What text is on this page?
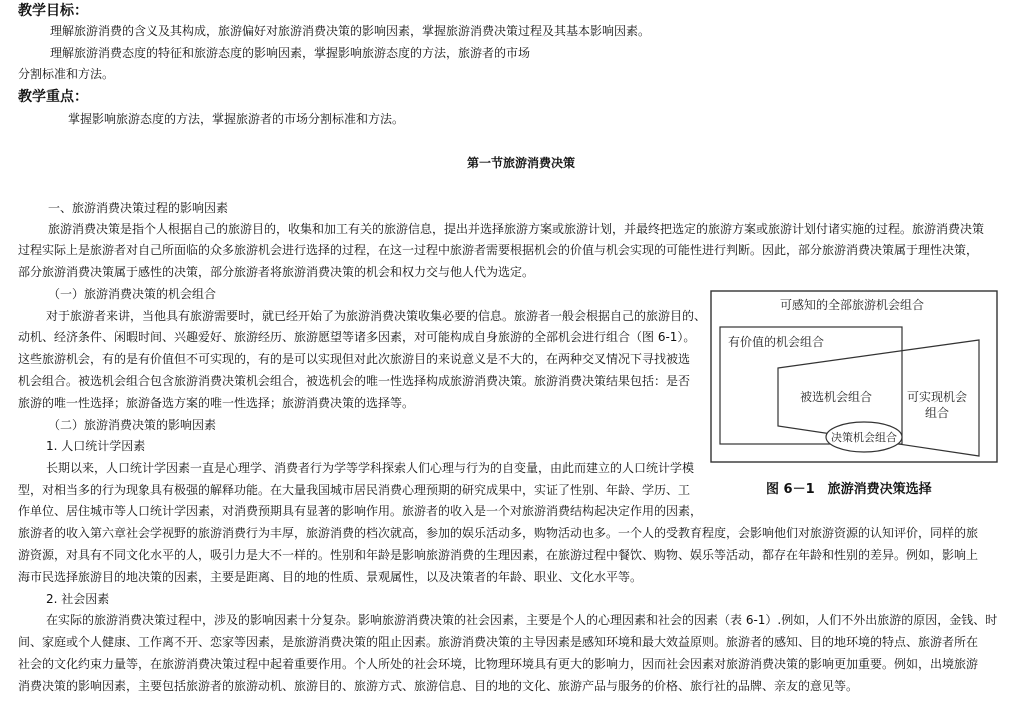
教学目标：
理解旅游消费的含义及其构成，旅游偏好对旅游消费决策的影响因素，掌握旅游消费决策过程及其基本影响因素。
理解旅游消费态度的特征和旅游态度的影响因素，掌握影响旅游态度的方法，旅游者的市场
分割标准和方法。
教学重点：
掌握影响旅游态度的方法，掌握旅游者的市场分割标准和方法。
第一节旅游消费决策
一、旅游消费决策过程的影响因素
旅游消费决策是指个人根据自己的旅游目的，收集和加工有关的旅游信息，提出并选择旅游方案或旅游计划，并最终把选定的旅游方案或旅游计划付诸实施的过程。旅游消费决策
过程实际上是旅游者对自己所面临的众多旅游机会进行选择的过程，在这一过程中旅游者需要根据机会的价值与机会实现的可能性进行判断。因此，部分旅游消费决策属于理性决策，
部分旅游消费决策属于感性的决策，部分旅游者将旅游消费决策的机会和权力交与他人代为选定。
（一）旅游消费决策的机会组合
对于旅游者来讲，当他具有旅游需要时，就已经开始了为旅游消费决策收集必要的信息。旅游者一般会根据自己的旅游目的、
动机、经济条件、闲暇时间、兴趣爱好、旅游经历、旅游愿望等诸多因素，对可能构成自身旅游的全部机会进行组合（图 6-1）。
这些旅游机会，有的是有价值但不可实现的，有的是可以实现但对此次旅游目的来说意义是不大的，在两种交叉情况下寻找被选
机会组合。被选机会组合包含旅游消费决策机会组合，被选机会的唯一性选择构成旅游消费决策。旅游消费决策结果包括：是否
旅游的唯一性选择；旅游备选方案的唯一性选择；旅游消费决策的选择等。
（二）旅游消费决策的影响因素
1. 人口统计学因素
长期以来，人口统计学因素一直是心理学、消费者行为学等学科探索人们心理与行为的自变量，由此而建立的人口统计学模
型，对相当多的行为现象具有极强的解释功能。在大量我国城市居民消费心理预期的研究成果中，实证了性别、年龄、学历、工
作单位、居住城市等人口统计学因素，对消费预期具有显著的影响作用。旅游者的收入是一个对旅游消费结构起决定作用的因素，
旅游者的收入第六章社会学视野的旅游消费行为丰厚，旅游消费的档次就高，参加的娱乐活动多，购物活动也多。一个人的受教育程度，会影响他们对旅游资源的认知评价，同样的旅
游资源，对具有不同文化水平的人，吸引力是大不一样的。性别和年龄是影响旅游消费的生理因素，在旅游过程中餐饮、购物、娱乐等活动，都存在年龄和性别的差异。例如，影响上
海市民选择旅游目的地决策的因素，主要是距离、目的地的性质、景观属性，以及决策者的年龄、职业、文化水平等。
2. 社会因素
在实际的旅游消费决策过程中，涉及的影响因素十分复杂。影响旅游消费决策的社会因素，主要是个人的心理因素和社会的因素（表 6-1）.例如，人们不外出旅游的原因，金钱、时
间、家庭或个人健康、工作离不开、恋家等因素，是旅游消费决策的阻止因素。旅游消费决策的主导因素是感知环境和最大效益原则。旅游者的感知、目的地环境的特点、旅游者所在
社会的文化约束力量等，在旅游消费决策过程中起着重要作用。个人所处的社会环境，比物理环境具有更大的影响力，因而社会因素对旅游消费决策的影响更加重要。例如，出境旅游
消费决策的影响因素，主要包括旅游者的旅游动机、旅游目的、旅游方式、旅游信息、目的地的文化、旅游产品与服务的价格、旅行社的品牌、亲友的意见等。
可感知的全部旅游机会组合
有价值的机会组合
被选机会组合	可实现机会
组合
决策机会组合
图 6－1　旅游消费决策选择
